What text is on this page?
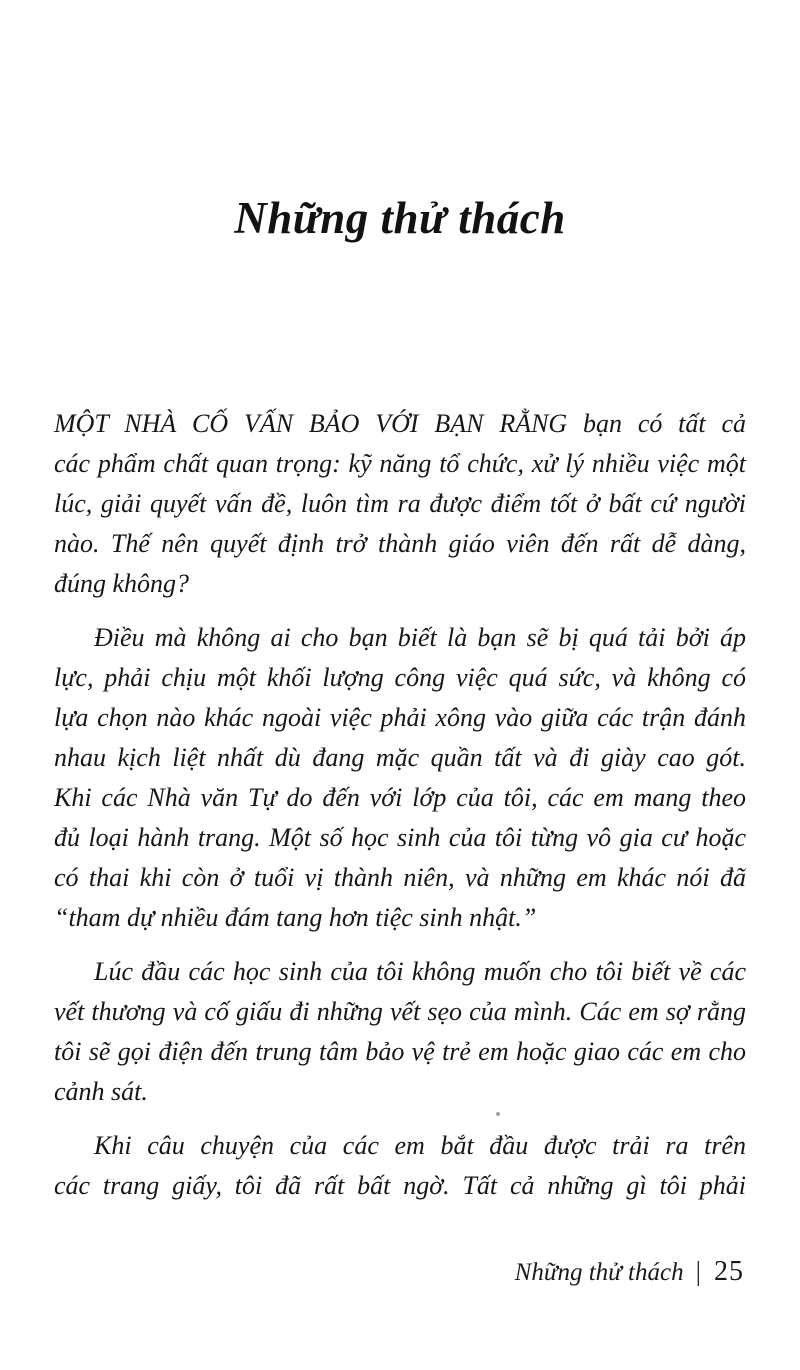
Những thử thách
MỘT NHÀ CỐ VẤN BẢO VỚI BẠN RẰNG bạn có tất cả
các phẩm chất quan trọng: kỹ năng tổ chức, xử lý nhiều việc một
lúc, giải quyết vấn đề, luôn tìm ra được điểm tốt ở bất cứ người
nào. Thế nên quyết định trở thành giáo viên đến rất dễ dàng,
đúng không?
Điều mà không ai cho bạn biết là bạn sẽ bị quá tải bởi áp
lực, phải chịu một khối lượng công việc quá sức, và không có
lựa chọn nào khác ngoài việc phải xông vào giữa các trận đánh
nhau kịch liệt nhất dù đang mặc quần tất và đi giày cao gót.
Khi các Nhà văn Tự do đến với lớp của tôi, các em mang theo
đủ loại hành trang. Một số học sinh của tôi từng vô gia cư hoặc
có thai khi còn ở tuổi vị thành niên, và những em khác nói đã
“tham dự nhiều đám tang hơn tiệc sinh nhật.”
Lúc đầu các học sinh của tôi không muốn cho tôi biết về các
vết thương và cố giấu đi những vết sẹo của mình. Các em sợ rằng
tôi sẽ gọi điện đến trung tâm bảo vệ trẻ em hoặc giao các em cho
cảnh sát.
Khi câu chuyện của các em bắt đầu được trải ra trên
các trang giấy, tôi đã rất bất ngờ. Tất cả những gì tôi phải
Những thử thách | 25
